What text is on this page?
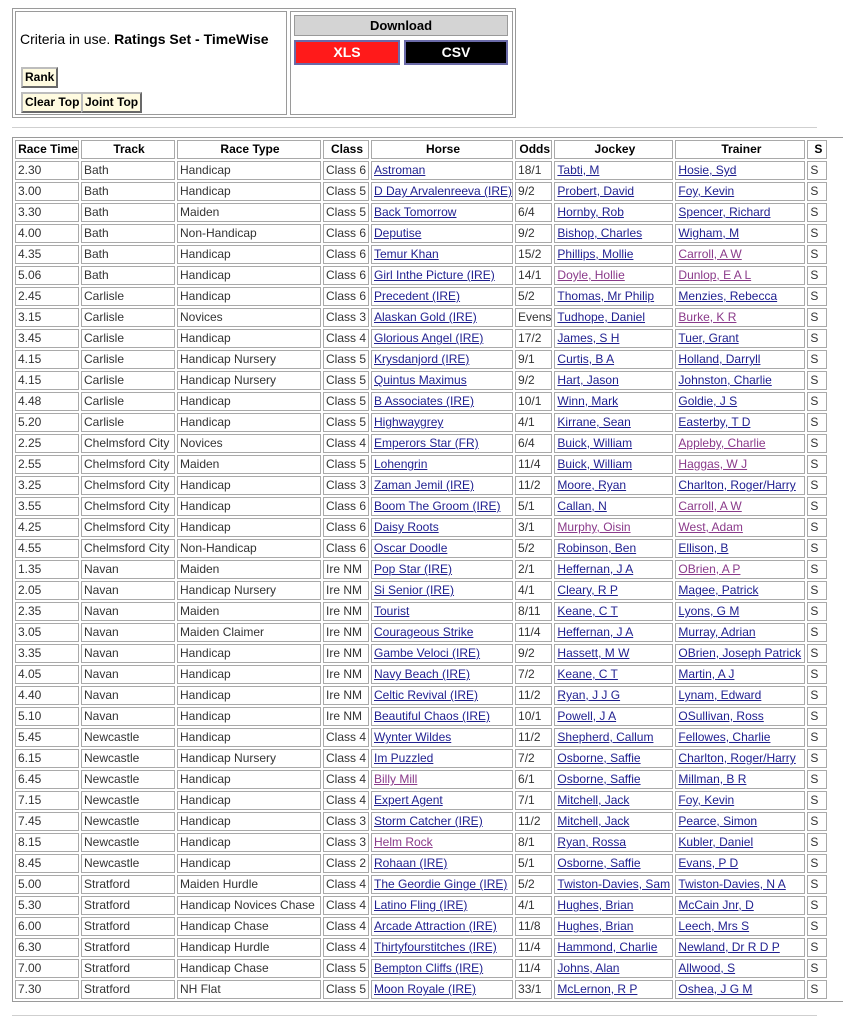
Criteria in use. Ratings Set - TimeWise
Rank
Clear Top Joint Top
Download
XLS	CSV
Race Time	Track	Race Type	Class	Horse	Odds	Jockey	Trainer	S
2.30	Bath	Handicap	Class 6	Astroman	18/1	Tabti, M	Hosie, Syd	S
3.00	Bath	Handicap	Class 5	D Day Arvalenreeva (IRE)	9/2	Probert, David	Foy, Kevin	S
3.30	Bath	Maiden	Class 5	Back Tomorrow	6/4	Hornby, Rob	Spencer, Richard	S
4.00	Bath	Non-Handicap	Class 6	Deputise	9/2	Bishop, Charles	Wigham, M	S
4.35	Bath	Handicap	Class 6	Temur Khan	15/2	Phillips, Mollie	Carroll, A W	S
5.06	Bath	Handicap	Class 6	Girl Inthe Picture (IRE)	14/1	Doyle, Hollie	Dunlop, E A L	S
2.45	Carlisle	Handicap	Class 6	Precedent (IRE)	5/2	Thomas, Mr Philip	Menzies, Rebecca	S
3.15	Carlisle	Novices	Class 3	Alaskan Gold (IRE)	Evens	Tudhope, Daniel	Burke, K R	S
3.45	Carlisle	Handicap	Class 4	Glorious Angel (IRE)	17/2	James, S H	Tuer, Grant	S
4.15	Carlisle	Handicap Nursery	Class 5	Krysdanjord (IRE)	9/1	Curtis, B A	Holland, Darryll	S
4.15	Carlisle	Handicap Nursery	Class 5	Quintus Maximus	9/2	Hart, Jason	Johnston, Charlie	S
4.48	Carlisle	Handicap	Class 5	B Associates (IRE)	10/1	Winn, Mark	Goldie, J S	S
5.20	Carlisle	Handicap	Class 5	Highwaygrey	4/1	Kirrane, Sean	Easterby, T D	S
2.25	Chelmsford City	Novices	Class 4	Emperors Star (FR)	6/4	Buick, William	Appleby, Charlie	S
2.55	Chelmsford City	Maiden	Class 5	Lohengrin	11/4	Buick, William	Haggas, W J	S
3.25	Chelmsford City	Handicap	Class 3	Zaman Jemil (IRE)	11/2	Moore, Ryan	Charlton, Roger/Harry	S
3.55	Chelmsford City	Handicap	Class 6	Boom The Groom (IRE)	5/1	Callan, N	Carroll, A W	S
4.25	Chelmsford City	Handicap	Class 6	Daisy Roots	3/1	Murphy, Oisin	West, Adam	S
4.55	Chelmsford City	Non-Handicap	Class 6	Oscar Doodle	5/2	Robinson, Ben	Ellison, B	S
1.35	Navan	Maiden	Ire NM	Pop Star (IRE)	2/1	Heffernan, J A	OBrien, A P	S
2.05	Navan	Handicap Nursery	Ire NM	Si Senior (IRE)	4/1	Cleary, R P	Magee, Patrick	S
2.35	Navan	Maiden	Ire NM	Tourist	8/11	Keane, C T	Lyons, G M	S
3.05	Navan	Maiden Claimer	Ire NM	Courageous Strike	11/4	Heffernan, J A	Murray, Adrian	S
3.35	Navan	Handicap	Ire NM	Gambe Veloci (IRE)	9/2	Hassett, M W	OBrien, Joseph Patrick	S
4.05	Navan	Handicap	Ire NM	Navy Beach (IRE)	7/2	Keane, C T	Martin, A J	S
4.40	Navan	Handicap	Ire NM	Celtic Revival (IRE)	11/2	Ryan, J J G	Lynam, Edward	S
5.10	Navan	Handicap	Ire NM	Beautiful Chaos (IRE)	10/1	Powell, J A	OSullivan, Ross	S
5.45	Newcastle	Handicap	Class 4	Wynter Wildes	11/2	Shepherd, Callum	Fellowes, Charlie	S
6.15	Newcastle	Handicap Nursery	Class 4	Im Puzzled	7/2	Osborne, Saffie	Charlton, Roger/Harry	S
6.45	Newcastle	Handicap	Class 4	Billy Mill	6/1	Osborne, Saffie	Millman, B R	S
7.15	Newcastle	Handicap	Class 4	Expert Agent	7/1	Mitchell, Jack	Foy, Kevin	S
7.45	Newcastle	Handicap	Class 3	Storm Catcher (IRE)	11/2	Mitchell, Jack	Pearce, Simon	S
8.15	Newcastle	Handicap	Class 3	Helm Rock	8/1	Ryan, Rossa	Kubler, Daniel	S
8.45	Newcastle	Handicap	Class 2	Rohaan (IRE)	5/1	Osborne, Saffie	Evans, P D	S
5.00	Stratford	Maiden Hurdle	Class 4	The Geordie Ginge (IRE)	5/2	Twiston-Davies, Sam	Twiston-Davies, N A	S
5.30	Stratford	Handicap Novices Chase	Class 4	Latino Fling (IRE)	4/1	Hughes, Brian	McCain Jnr, D	S
6.00	Stratford	Handicap Chase	Class 4	Arcade Attraction (IRE)	11/8	Hughes, Brian	Leech, Mrs S	S
6.30	Stratford	Handicap Hurdle	Class 4	Thirtyfourstitches (IRE)	11/4	Hammond, Charlie	Newland, Dr R D P	S
7.00	Stratford	Handicap Chase	Class 5	Bempton Cliffs (IRE)	11/4	Johns, Alan	Allwood, S	S
7.30	Stratford	NH Flat	Class 5	Moon Royale (IRE)	33/1	McLernon, R P	Oshea, J G M	S
